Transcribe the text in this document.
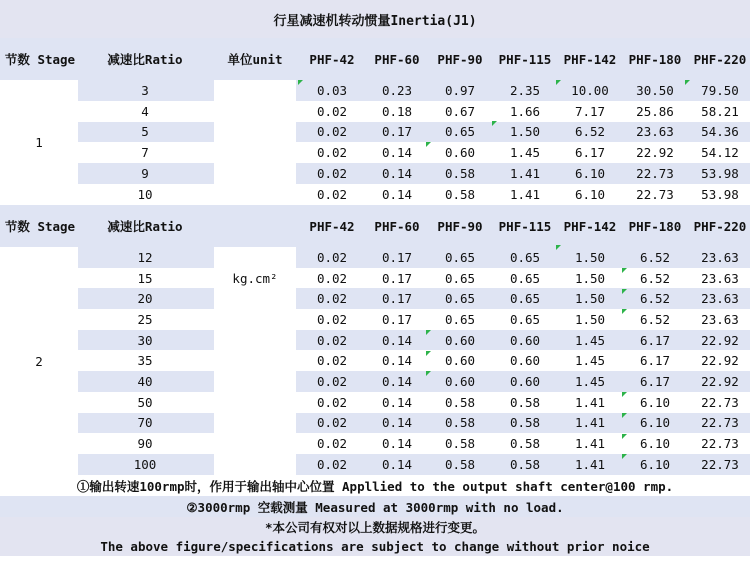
行星减速机转动惯量Inertia(J1)
节数 Stage	减速比Ratio	单位unit	PHF-42	PHF-60	PHF-90	PHF-115 PHF-142 PHF-180 PHF-220
3	0.03	0.23	0.97	2.35	10.00	30.50	79.50
4	0.02	0.18	0.67	1.66	7.17	25.86	58.21
5	0.02	0.17	0.65	1.50	6.52	23.63	54.36
7	0.02	0.14	0.60	1.45	6.17	22.92	54.12
9	0.02	0.14	0.58	1.41	6.10	22.73	53.98
10	0.02	0.14	0.58	1.41	6.10	22.73	53.98
1
节数 Stage	减速比Ratio	PHF-42	PHF-60	PHF-90	PHF-115 PHF-142 PHF-180 PHF-220
12	0.02	0.17	0.65	0.65	1.50	6.52	23.63
15	0.02	0.17	0.65	0.65	1.50	6.52	23.63
20	0.02	0.17	0.65	0.65	1.50	6.52	23.63
25	0.02	0.17	0.65	0.65	1.50	6.52	23.63
30	0.02	0.14	0.60	0.60	1.45	6.17	22.92
35	0.02	0.14	0.60	0.60	1.45	6.17	22.92
40	0.02	0.14	0.60	0.60	1.45	6.17	22.92
50	0.02	0.14	0.58	0.58	1.41	6.10	22.73
70	0.02	0.14	0.58	0.58	1.41	6.10	22.73
90	0.02	0.14	0.58	0.58	1.41	6.10	22.73
100	0.02	0.14	0.58	0.58	1.41	6.10	22.73
2
kg.cm²
①输出转速100rmp时，作用于输出轴中心位置 Appllied to the output shaft center@100 rmp.
②3000rmp 空载测量 Measured at 3000rmp with no load.
*本公司有权对以上数据规格进行变更。
The above figure/specifications are subject to change without prior noice
